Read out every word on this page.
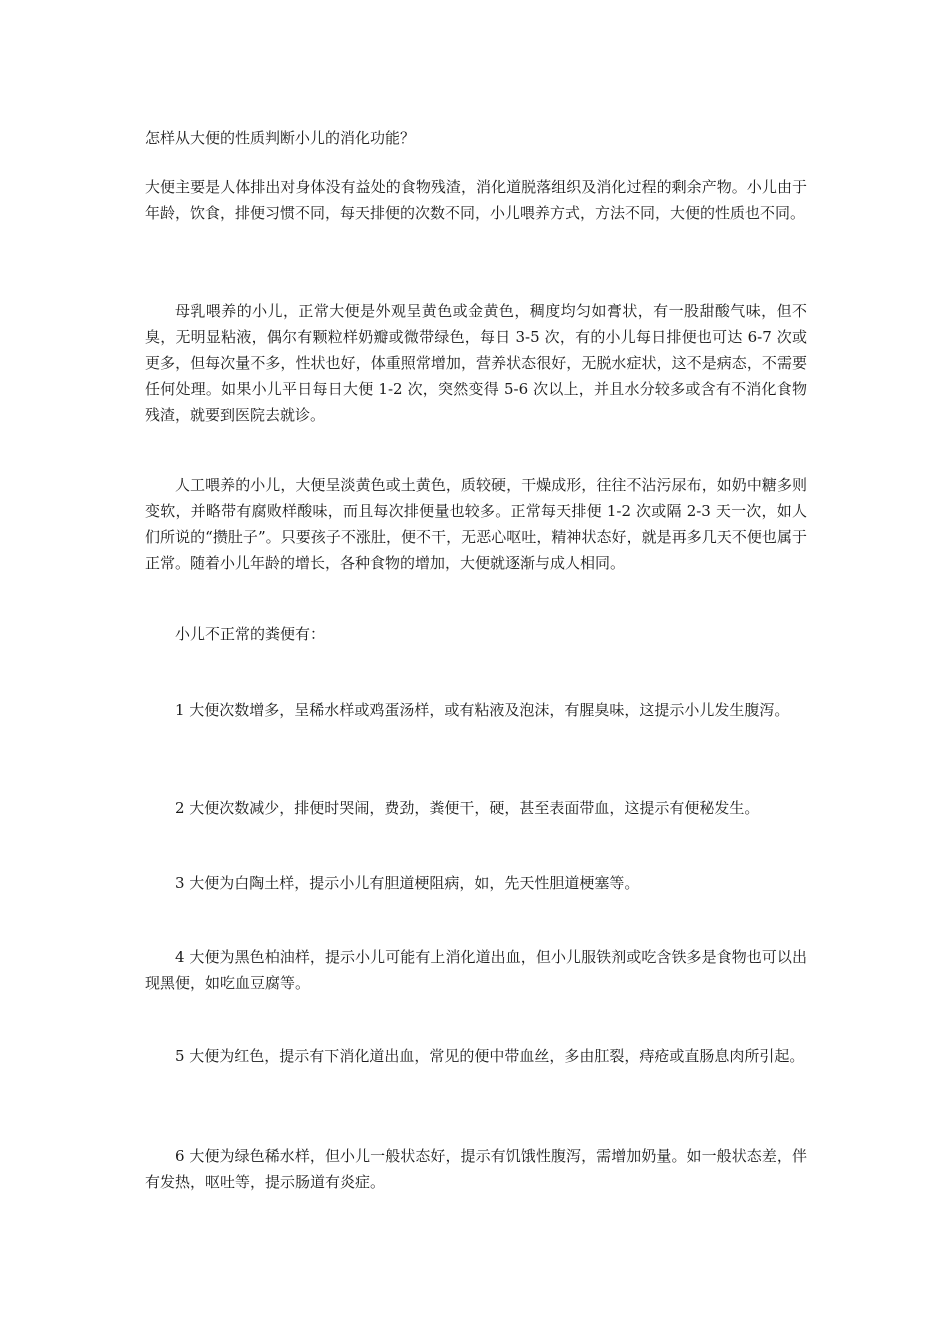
怎样从大便的性质判断小儿的消化功能？

大便主要是人体排出对身体没有益处的食物残渣，消化道脱落组织及消化过程的剩余产物。小儿由于年龄，饮食，排便习惯不同，每天排便的次数不同，小儿喂养方式，方法不同，大便的性质也不同。

母乳喂养的小儿，正常大便是外观呈黄色或金黄色，稠度均匀如膏状，有一股甜酸气味，但不臭，无明显粘液，偶尔有颗粒样奶瓣或微带绿色，每日 3-5 次，有的小儿每日排便也可达 6-7 次或更多，但每次量不多，性状也好，体重照常增加，营养状态很好，无脱水症状，这不是病态，不需要任何处理。如果小儿平日每日大便 1-2 次，突然变得 5-6 次以上，并且水分较多或含有不消化食物残渣，就要到医院去就诊。

人工喂养的小儿，大便呈淡黄色或土黄色，质较硬，干燥成形，往往不沾污尿布，如奶中糖多则变软，并略带有腐败样酸味，而且每次排便量也较多。正常每天排便 1-2 次或隔 2-3 天一次，如人们所说的“攒肚子”。只要孩子不涨肚，便不干，无恶心呕吐，精神状态好，就是再多几天不便也属于正常。随着小儿年龄的增长，各种食物的增加，大便就逐渐与成人相同。

小儿不正常的粪便有：

1 大便次数增多，呈稀水样或鸡蛋汤样，或有粘液及泡沫，有腥臭味，这提示小儿发生腹泻。

2 大便次数减少，排便时哭闹，费劲，粪便干，硬，甚至表面带血，这提示有便秘发生。

3 大便为白陶土样，提示小儿有胆道梗阻病，如，先天性胆道梗塞等。

4 大便为黑色柏油样，提示小儿可能有上消化道出血，但小儿服铁剂或吃含铁多是食物也可以出现黑便，如吃血豆腐等。

5 大便为红色，提示有下消化道出血，常见的便中带血丝，多由肛裂，痔疮或直肠息肉所引起。

6 大便为绿色稀水样，但小儿一般状态好，提示有饥饿性腹泻，需增加奶量。如一般状态差，伴有发热，呕吐等，提示肠道有炎症。
